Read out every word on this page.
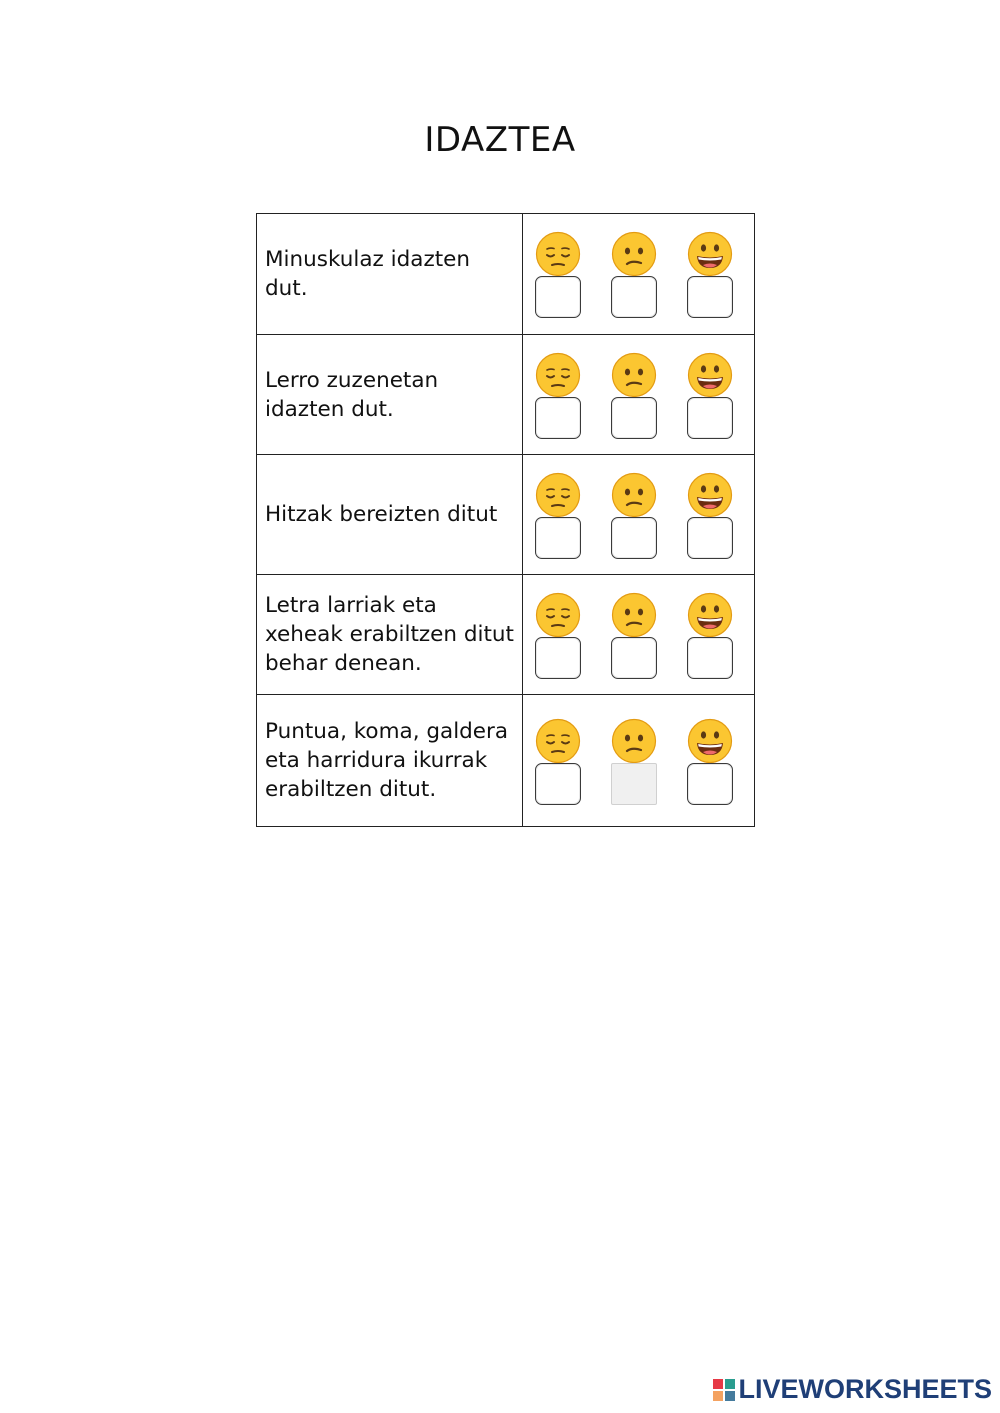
IDAZTEA
Minuskulaz idazten dut.	

Lerro zuzenetan idazten dut.	

Hitzak bereizten ditut	

Letra larriak eta xeheak erabiltzen ditut behar denean.	

Puntua, koma, galdera eta harridura ikurrak erabiltzen ditut.	
LIVEWORKSHEETS
